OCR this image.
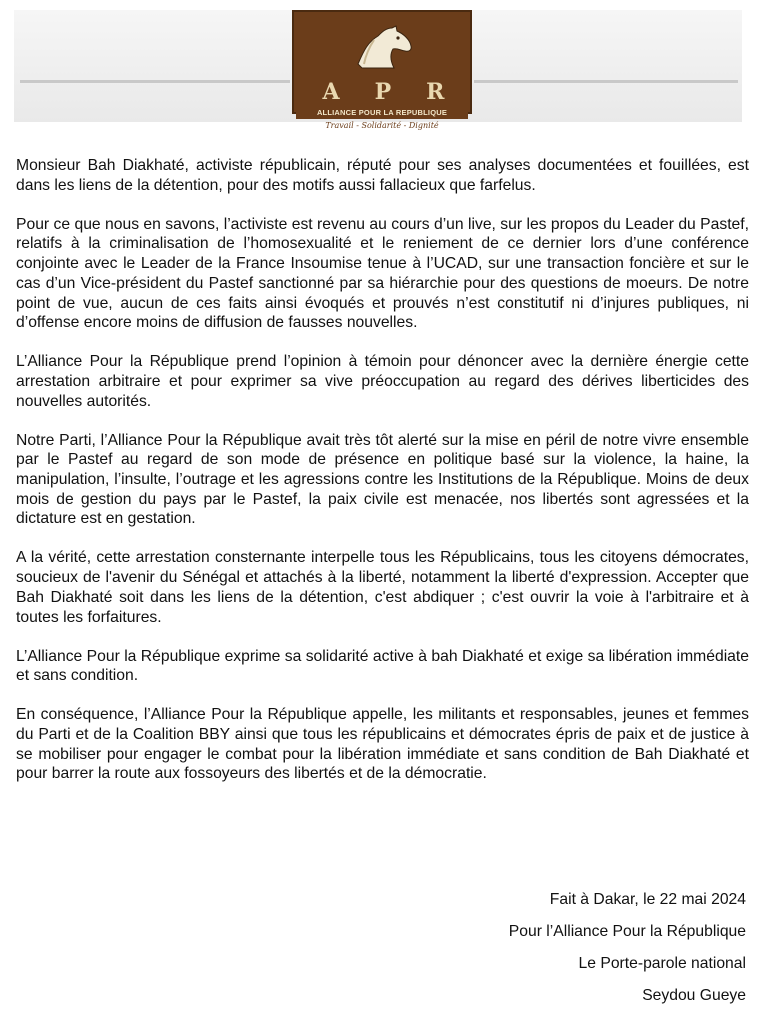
A P R
ALLIANCE POUR LA REPUBLIQUE
Travail - Solidarité - Dignité

Monsieur Bah Diakhaté, activiste républicain, réputé pour ses analyses documentées et fouillées, est dans les liens de la détention, pour des motifs aussi fallacieux que farfelus.

Pour ce que nous en savons, l’activiste est revenu au cours d’un live, sur les propos du Leader du Pastef, relatifs à la criminalisation de l’homosexualité et le reniement de ce dernier lors d’une conférence conjointe avec le Leader de la France Insoumise tenue à l’UCAD, sur une transaction foncière et sur le cas d’un Vice-président du Pastef sanctionné par sa hiérarchie pour des questions de moeurs. De notre point de vue, aucun de ces faits ainsi évoqués et prouvés n’est constitutif ni d’injures publiques, ni d’offense encore moins de diffusion de fausses nouvelles.

L’Alliance Pour la République prend l’opinion à témoin pour dénoncer avec la dernière énergie cette arrestation arbitraire et pour exprimer sa vive préoccupation au regard des dérives liberticides des nouvelles autorités.

Notre Parti, l’Alliance Pour la République avait très tôt alerté sur la mise en péril de notre vivre ensemble par le Pastef au regard de son mode de présence en politique basé sur la violence, la haine, la manipulation, l’insulte, l’outrage et les agressions contre les Institutions de la République. Moins de deux mois de gestion du pays par le Pastef, la paix civile est menacée, nos libertés sont agressées et la dictature est en gestation.

A la vérité, cette arrestation consternante interpelle tous les Républicains, tous les citoyens démocrates, soucieux de l'avenir du Sénégal et attachés à la liberté, notamment la liberté d'expression. Accepter que Bah Diakhaté soit dans les liens de la détention, c'est abdiquer ; c'est ouvrir la voie à l'arbitraire et à toutes les forfaitures.

L’Alliance Pour la République exprime sa solidarité active à bah Diakhaté et exige sa libération immédiate et sans condition.

En conséquence, l’Alliance Pour la République appelle, les militants et responsables, jeunes et femmes du Parti et de la Coalition BBY ainsi que tous les républicains et démocrates épris de paix et de justice à se mobiliser pour engager le combat pour la libération immédiate et sans condition de Bah Diakhaté et pour barrer la route aux fossoyeurs des libertés et de la démocratie.

Fait à Dakar, le 22 mai 2024
Pour l’Alliance Pour la République
Le Porte-parole national
Seydou Gueye
